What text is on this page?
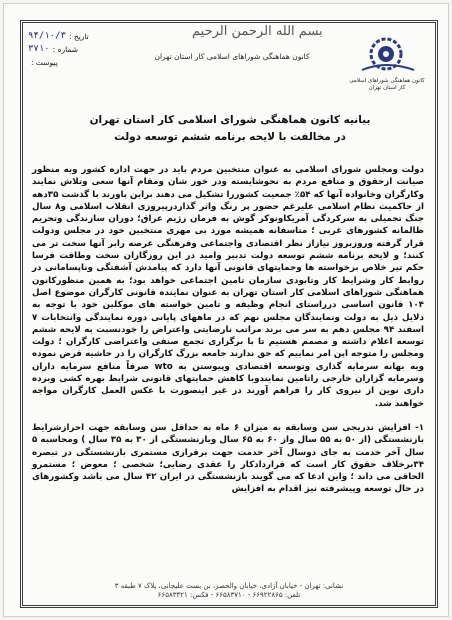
تاریخ :
۹۴/۱۰/۳
شماره :
۳۷۱۰
پیوست :
بسم الله الرحمن الرحیم
کانون هماهنگی شوراهای اسلامی کار استان تهران
کانون هماهنگی شوراهای اسلامی کار استان تهران
بیانیه کانون هماهنگی شورای اسلامی کار استان تهران
در مخالفت با لایحه برنامه ششم توسعه دولت

دولت ومجلس شورای اسلامی به عنوان منتخبین مردم باید در جهت اداره کشور وبه منظور صیانت ازحقوق و منافع مردم به نحوشایسته ودر خور شان ومقام آنها سعی وتلاش نمایند وکارگران وخانواده آنها که ۵۴٪ جمعیت کشوررا تشکیل می دهند براین باورند با گذشت ۳۵دهه از حاکمیت نظام اسلامی علیرغم حضور پر رنگ واثر گذاردرپیروزی انقلاب اسلامی و۸ سال جنگ تحمیلی به سرکردگی آمریکاونوکر گوش به فرمان رژیم عراق؛ دوران سازندگی وتحریم ظالمانه کشورهای غربی ؛ متاسفانه همیشه مورد بی مهری منتخبین خود در مجلس ودولت قرار گرفته وروزبروز نیازاز نظر اقتصادی واجتماعی وفرهنگی عرصه رابر آنها سخت تر می کنند؛ و لایحه برنامه ششم توسعه دولت تدبیر وامید در این روزگاران سخت وطاقت فرسا حکم تیر خلاص برخواسته ها وحمایتهای قانونی آنها دارد که پیامدش آشفتگی وناپسامانی در روابط کار وشرایط کار وتابودی سازمان تامین اجتماعی خواهد بود؛ به همین منظورکانون هماهنگی شوراهای اسلامی کار استان تهران به عنوان نماینده قانونی کارگران موضوع اصل ۱۰۴ قانون اساسی درراستای انجام وظیفه و تامین خواسته های موکلین خود با توجه به دلایل ذیل به دولت ونمایندگان مجلس نهم که در ماههای پایانی دوره نمایندگی وانتخابات ۷ اسفند ۹۴ مجلس دهم به سر می برند مراتب نارضایتی واعتراض را خودنسبت به لایحه ششم توسعه اعلام داشته و مصمم هستیم تا با برگزاری تجمع صنفی واعتراضی کارگران ؛ دولت ومجلس را متوجه این امر نماییم که حق ندارند جامعه بزرگ کارگران را در حاشیه قرض نموده وبه بهانه سرمایه گذاری وتوسعه اقتصادی وپیوستن به wto صرفاً منافع سرمایه داران وسرمایه گزاران خارجی راتامین نمایندوبا کاهش حمایتهای قانونی شرایط بهره کشی وبرده داری نوین از نیروی کار را فراهم آورند در غیر اینصورت با عکس العمل کارگران مواجه خواهند شد.

۱- افزایش تدریجی سن وسابقه به میزان ۶ ماه به حداقل سن وسابقه جهت احرازشرایط بازنشستگی (از ۵۰ به ۵۵ سال واز ۶۰ به ۶۵ سال وبازنشستگی از ۳۰ به ۳۵ سال ) ومحاسبه ۵ سال آخر خدمت به جای دوسال آخر خدمت جهت برقراری مستمری بازنشستگی در تبصره ۳۴برخلاف حقوق کار است که قراردادکار را عقدی رضایی؛ شخصی ؛ معوض ؛ مستمرو الحاقی می داند ؛ واین ادعا که می گویند بازنشستگی در ایران ۴۲ سال می باشد وکشورهای در حال توسعه وپیشرفته نیز اقدام به افزایش

نشانی: تهران - خیابان آزادی، خیابان والحصر، بن بست علیجانی، پلاک ۷ طبقه ۳
تلفن: ۶۶۹۲۲۸۶۵ - ۶۶۵۸۳۷۱۰ - فکس: ۶۶۵۸۳۳۲۱
